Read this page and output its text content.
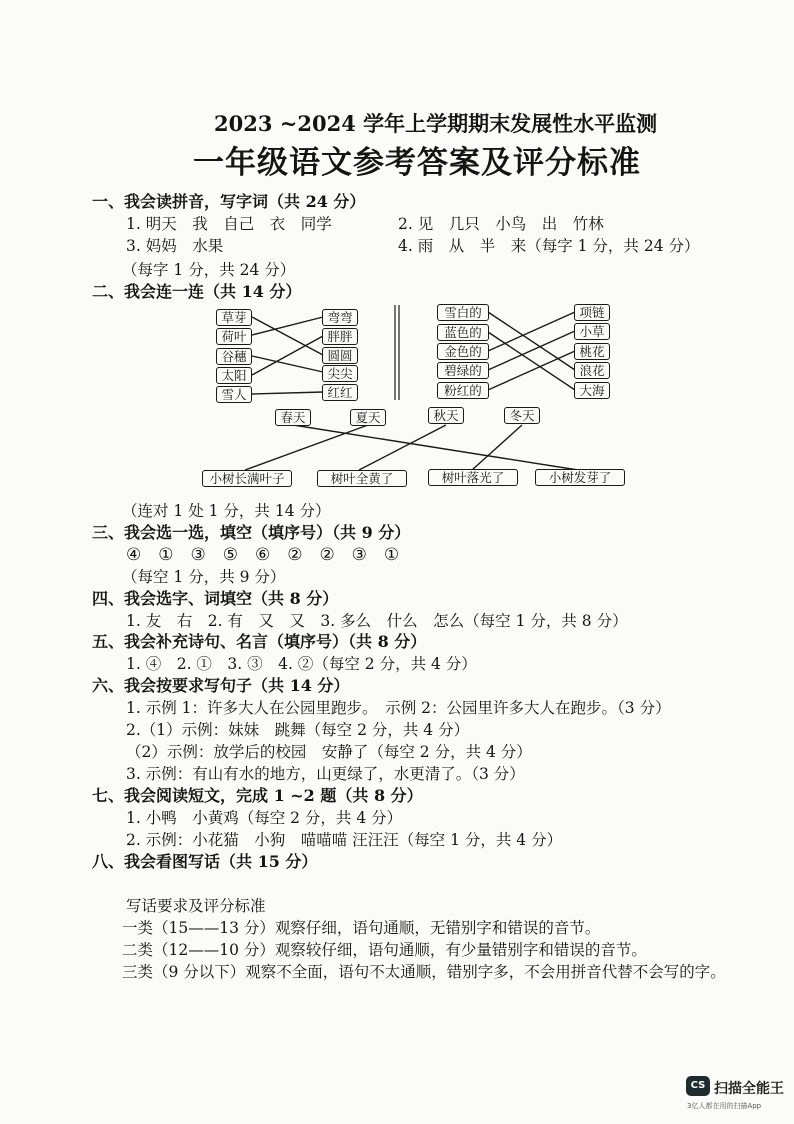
2023 ~2024 学年上学期期末发展性水平监测
一年级语文参考答案及评分标准
一、我会读拼音，写字词（共 24 分）
1. 明天　我　自己　衣　同学	2. 见　几只　小鸟　出　竹林
3. 妈妈　水果	4. 雨　从　半　来（每字 1 分，共 24 分）
（每字 1 分，共 24 分）
二、我会连一连（共 14 分）
草芽
荷叶
谷穗
太阳
雪人
弯弯
胖胖
圆圆
尖尖
红红
雪白的
蓝色的
金色的
碧绿的
粉红的
项链
小草
桃花
浪花
大海
春天	夏天	秋天	冬天
小树长满叶子	树叶全黄了	树叶落光了	小树发芽了
（连对 1 处 1 分，共 14 分）
三、我会选一选，填空（填序号）（共 9 分）
④　①　③　⑤　⑥　②　②　③　①
（每空 1 分，共 9 分）
四、我会选字、词填空（共 8 分）
1. 友　右　2. 有　又　又　3. 多么　什么　怎么（每空 1 分，共 8 分）
五、我会补充诗句、名言（填序号）（共 8 分）
1. ④　2. ①　3. ③　4. ②（每空 2 分，共 4 分）
六、我会按要求写句子（共 14 分）
1. 示例 1：许多大人在公园里跑步。　示例 2：公园里许多大人在跑步。（3 分）
2.（1）示例：妹妹　跳舞（每空 2 分，共 4 分）
（2）示例：放学后的校园　安静了（每空 2 分，共 4 分）
3. 示例：有山有水的地方，山更绿了，水更清了。（3 分）
七、我会阅读短文，完成 1 ~2 题（共 8 分）
1. 小鸭　小黄鸡（每空 2 分，共 4 分）
2. 示例：小花猫　小狗　喵喵喵 汪汪汪（每空 1 分，共 4 分）
八、我会看图写话（共 15 分）
写话要求及评分标准
一类（15——13 分）观察仔细，语句通顺，无错别字和错误的音节。
二类（12——10 分）观察较仔细，语句通顺，有少量错别字和错误的音节。
三类（9 分以下）观察不全面，语句不太通顺，错别字多，不会用拼音代替不会写的字。
CS 扫描全能王
3亿人都在用的扫描App
